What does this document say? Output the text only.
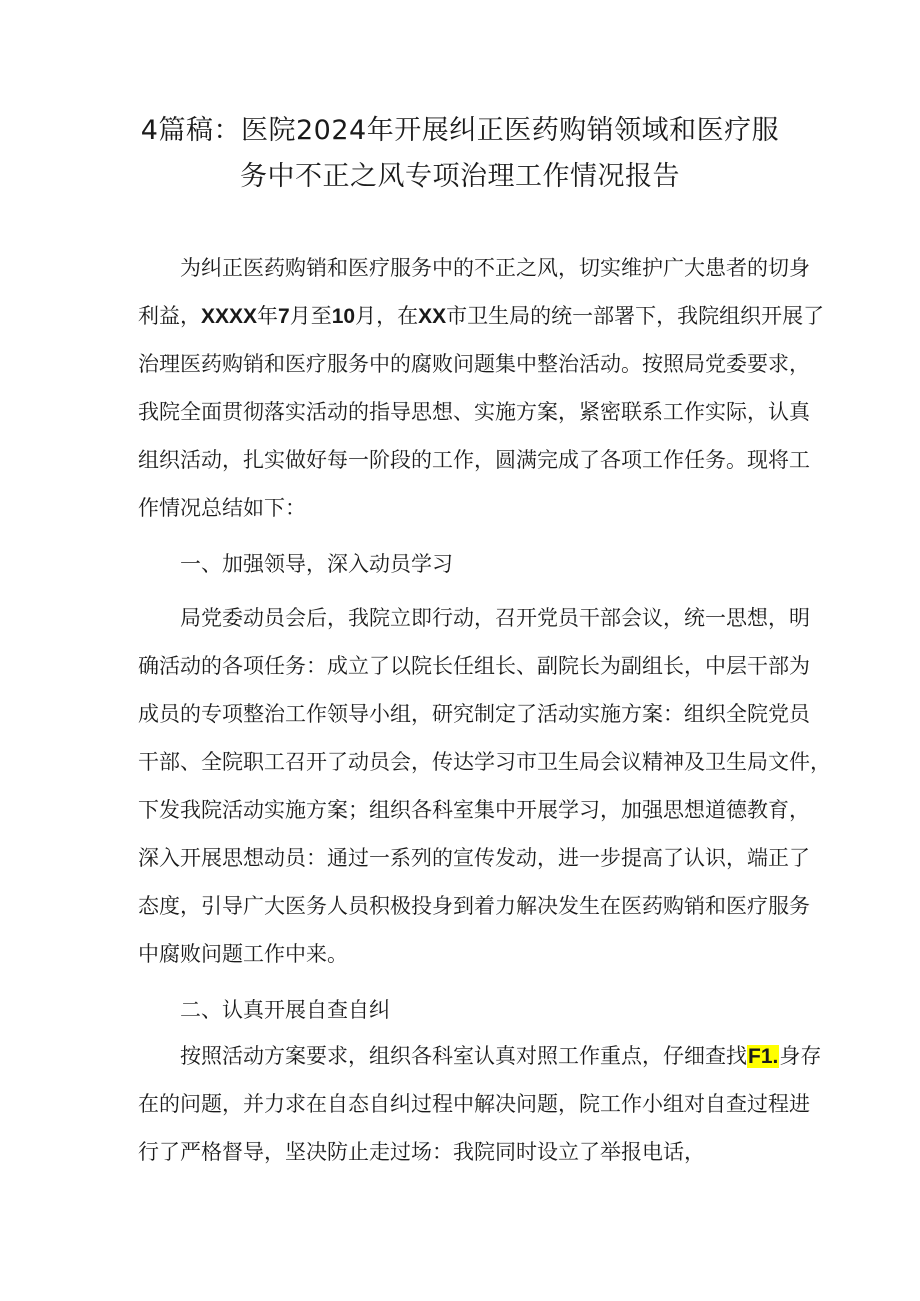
4篇稿：医院2024年开展纠正医药购销领域和医疗服
务中不正之风专项治理工作情况报告
为纠正医药购销和医疗服务中的不正之风，切实维护广大患者的切身
利益，XXXX年7月至10月，在XX市卫生局的统一部署下，我院组织开展了
治理医药购销和医疗服务中的腐败问题集中整治活动。按照局党委要求，
我院全面贯彻落实活动的指导思想、实施方案，紧密联系工作实际，认真
组织活动，扎实做好每一阶段的工作，圆满完成了各项工作任务。现将工
作情况总结如下：
一、加强领导，深入动员学习
局党委动员会后，我院立即行动，召开党员干部会议，统一思想，明
确活动的各项任务：成立了以院长任组长、副院长为副组长，中层干部为
成员的专项整治工作领导小组，研究制定了活动实施方案：组织全院党员
干部、全院职工召开了动员会，传达学习市卫生局会议精神及卫生局文件，
下发我院活动实施方案；组织各科室集中开展学习，加强思想道德教育，
深入开展思想动员：通过一系列的宣传发动，进一步提高了认识，端正了
态度，引导广大医务人员积极投身到着力解决发生在医药购销和医疗服务
中腐败问题工作中来。
二、认真开展自查自纠
按照活动方案要求，组织各科室认真对照工作重点，仔细查找F1.身存
在的问题，并力求在自态自纠过程中解决问题，院工作小组对自查过程进
行了严格督导，坚决防止走过场：我院同时设立了举报电话，
